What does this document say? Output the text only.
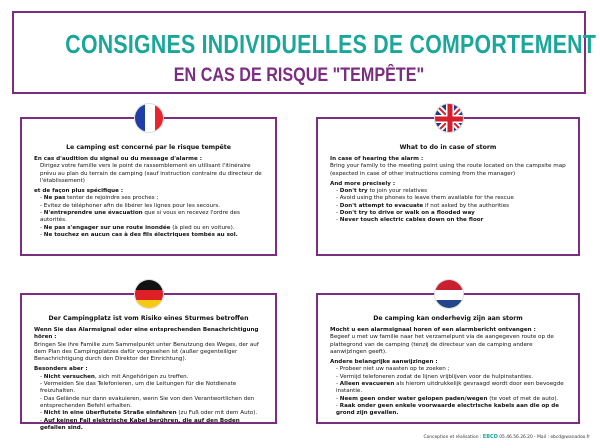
CONSIGNES INDIVIDUELLES DE COMPORTEMENT
EN CAS DE RISQUE "TEMPÊTE"
Le camping est concerné par le risque tempête

En cas d'audition du signal ou du message d'alarme :

Dirigez votre famille vers le point de rassemblement en utilisant l'itinéraire prévu au plan du terrain de camping (sauf instruction contraire du directeur de l'établissement)

et de façon plus spécifique :

- Ne pas tenter de rejoindre ses proches ;
- Evitez de téléphoner afin de libérer les lignes pour les secours.
- N'entreprendre une évacuation que si vous en recevez l'ordre des autorités.
- Ne pas s'engager sur une route inondée (à pied ou en voiture).
- Ne touchez en aucun cas à des fils électriques tombés au sol.
What to do in case of storm

In case of hearing the alarm :

Bring your family to the meeting point using the route located on the campsite map (expected in case of other instructions coming from the manager)

And more precisely :

- Don't try to join your relatives
- Avoid using the phones to leave them available for the rescue
- Don't attempt to evacuate if not asked by the authorities
- Don't try to drive or walk on a flooded way
- Never touch electric cables down on the floor
Der Campingplatz ist vom Risiko eines Sturmes betroffen

Wenn Sie das Alarmsignal oder eine entsprechenden Benachrichtigung hören :

Bringen Sie ihre Familie zum Sammelpunkt unter Benutzung des Weges, der auf dem Plan des Campingplatzes dafür vorgesehen ist (außer gegenteiliger Benachrichtigung durch den Direktor der Einrichtung).

Besonders aber :

- Nicht versuchen, sich mit Angehörigen zu treffen.
- Vermeiden Sie das Telefonieren, um die Leitungen für die Notdienste freizuhalten.
- Das Gelände nur dann evakuieren, wenn Sie von den Verantwortlichen den entsprechenden Befehl erhalten.
- Nicht in eine überflutete Straße einfahren (zu Fuß oder mit dem Auto).
- Auf keinen Fall elektrische Kabel berühren, die auf den Boden gefallen sind.
De camping kan onderhevig zijn aan storm

Mocht u een alarmsignaal horen of een alarmbericht ontvangen :

Begeef u met uw familie naar het verzamelpunt via de aangegeven route op de plattegrond van de camping (tenzij de directeur van de camping andere aanwijzingen geeft).

Andere belangrijke aanwijzingen :

- Probeer niet uw naasten op te zoeken ;
- Vermijd telefoneren zodat de lijnen vrijblijven voor de hulpinstanties.
- Alleen evacueren als hierom uitdrukkelijk gevraagd wordt door een bevoegde instantie.
- Neem geen onder water gelopen paden/wegen (te voet of met de auto).
- Raak onder geen enkele voorwaarde electrische kabels aan die op de grond zijn gevallen.
Conception et réalisation : EBCD 05.46.56.26.20 - Mail : ebcd@wanadoo.fr
